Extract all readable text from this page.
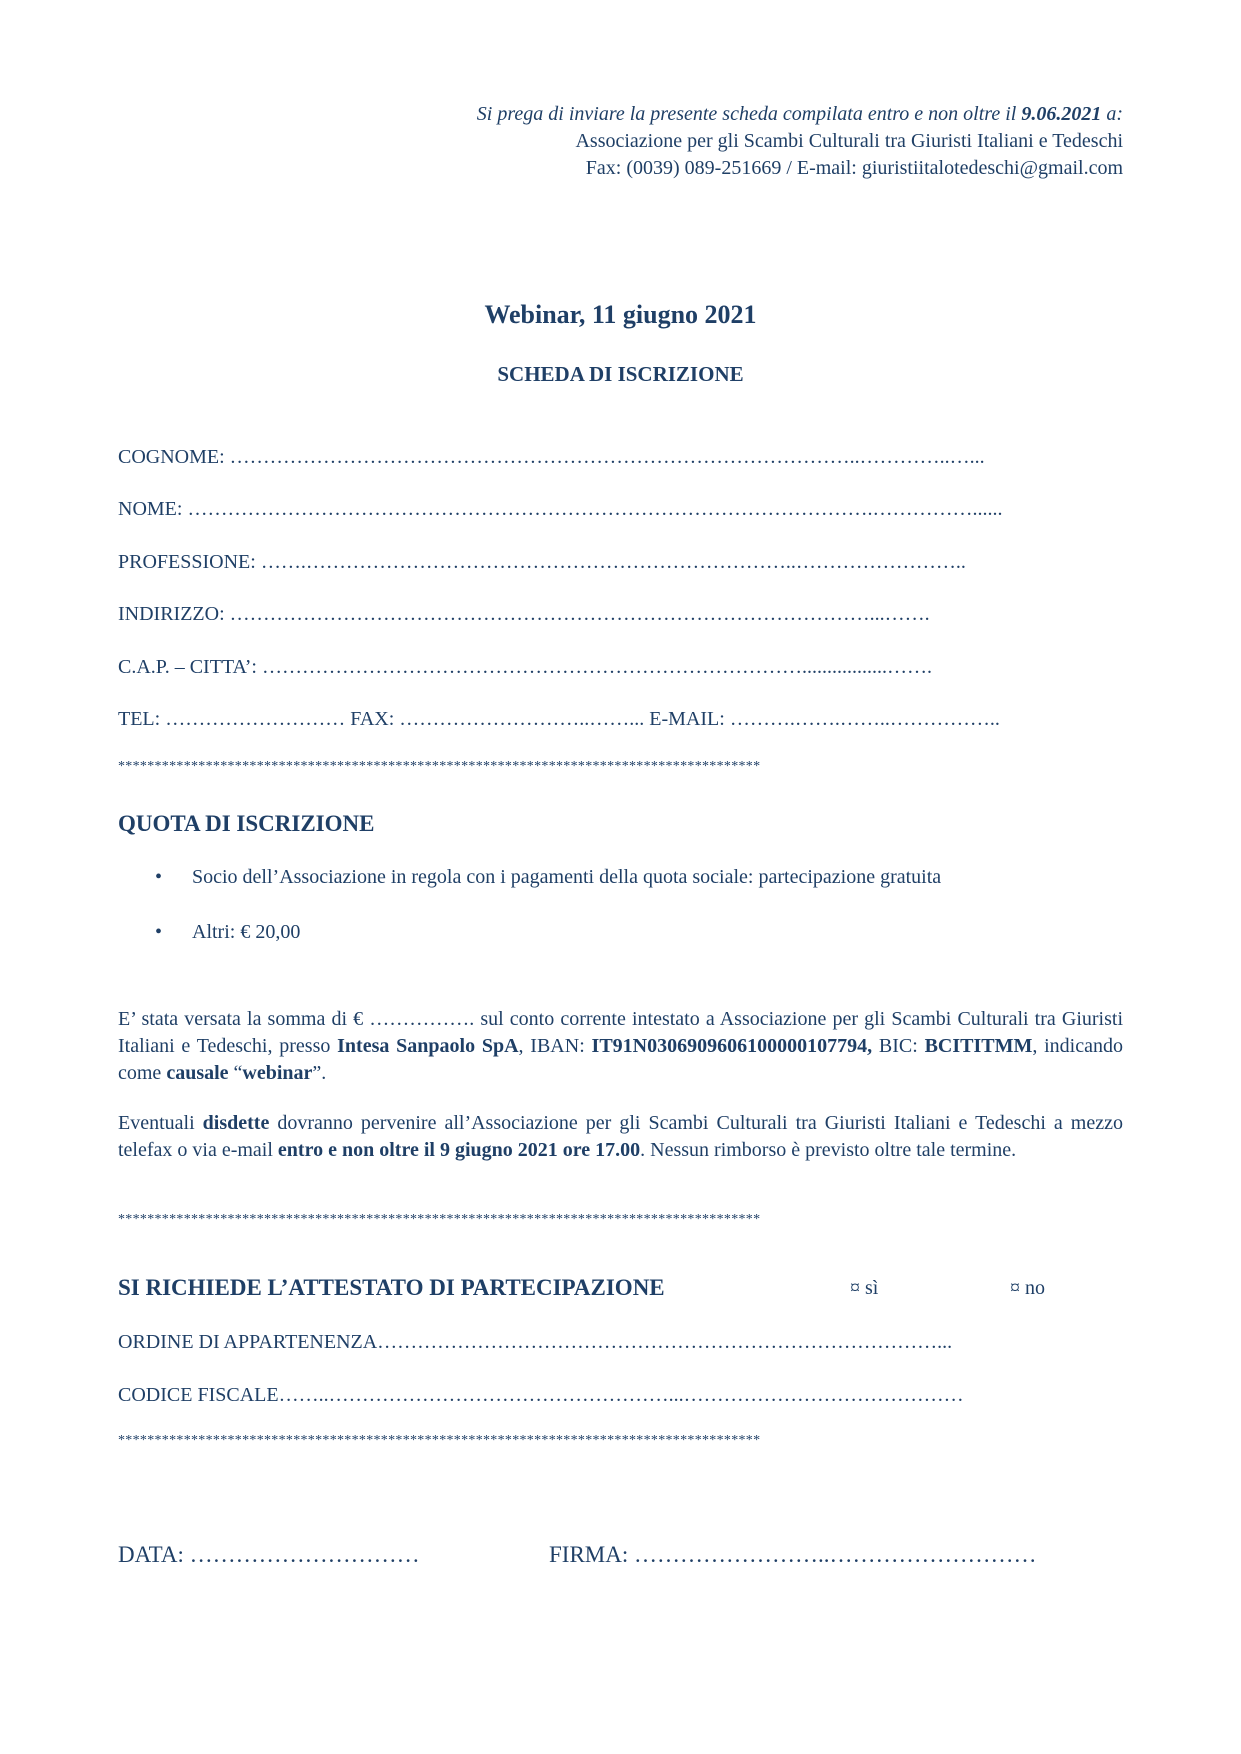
Si prega di inviare la presente scheda compilata entro e non oltre il 9.06.2021 a:
Associazione per gli Scambi Culturali tra Giuristi Italiani e Tedeschi
Fax: (0039) 089-251669 / E-mail: giuristiitalotedeschi@gmail.com
Webinar, 11 giugno 2021
SCHEDA DI ISCRIZIONE
COGNOME: …………………………………………………………………………………..…………..…...
NOME: ………………………………………………………………………………………….……………......
PROFESSIONE: …….………………………………………………………………..……………………..
INDIRIZZO: ……………………………………………………………………………………...…….
C.A.P. – CITTA’: ……………………………………………………………………….................…….
TEL: ……………………… FAX: ………………………..……... E-MAIL: ……….…….……..……………..
****************************************************************************************
QUOTA DI ISCRIZIONE
• Socio dell’Associazione in regola con i pagamenti della quota sociale: partecipazione gratuita
• Altri: € 20,00
E’ stata versata la somma di € ……………. sul conto corrente intestato a Associazione per gli Scambi Culturali tra Giuristi Italiani e Tedeschi, presso Intesa Sanpaolo SpA, IBAN: IT91N0306909606100000107794, BIC: BCITITMM, indicando come causale “webinar”.
Eventuali disdette dovranno pervenire all’Associazione per gli Scambi Culturali tra Giuristi Italiani e Tedeschi a mezzo telefax o via e-mail entro e non oltre il 9 giugno 2021 ore 17.00. Nessun rimborso è previsto oltre tale termine.
****************************************************************************************
SI RICHIEDE L’ATTESTATO DI PARTECIPAZIONE	¤ sì	¤ no
ORDINE DI APPARTENENZA…………………………………………………………………………...
CODICE FISCALE……..……………………………………………...……………………………………
****************************************************************************************
DATA: …………………………	FIRMA: ……………………..………………………
